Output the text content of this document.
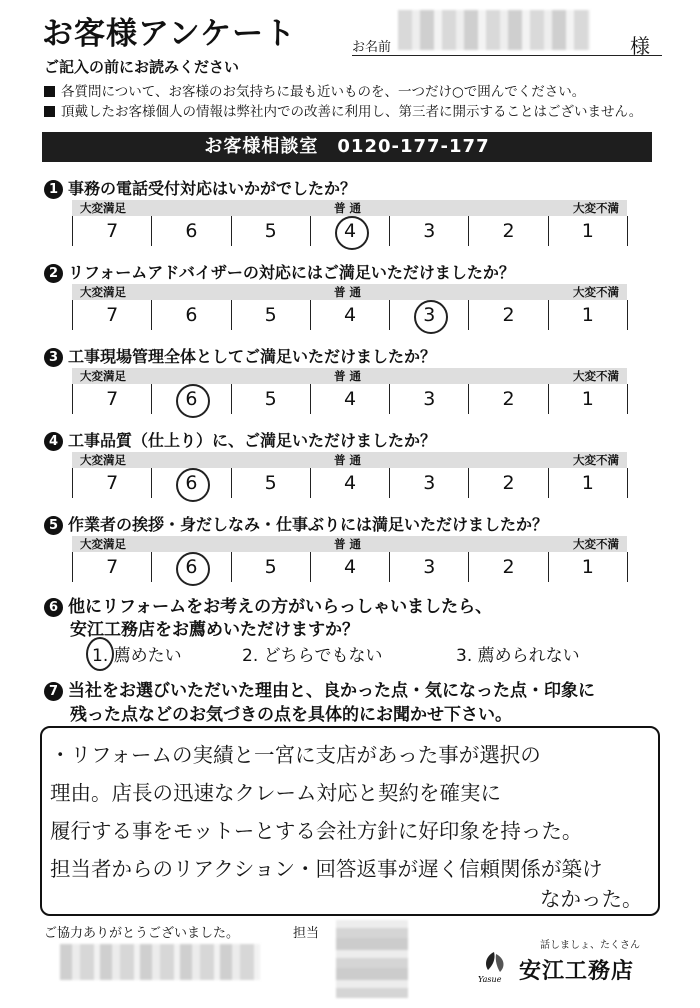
お客様アンケート	お名前	様
ご記入の前にお読みください
各質問について、お客様のお気持ちに最も近いものを、一つだけ○で囲んでください。
頂戴したお客様個人の情報は弊社内での改善に利用し、第三者に開示することはございません。
お客様相談室　0120-177-177
1 事務の電話受付対応はいかがでしたか？
大変満足	普 通	大変不満
7	6	5	4	3	2	1
2 リフォームアドバイザーの対応にはご満足いただけましたか？
大変満足	普 通	大変不満
7	6	5	4	3	2	1
3 工事現場管理全体としてご満足いただけましたか？
大変満足	普 通	大変不満
7	6	5	4	3	2	1
4 工事品質（仕上り）に、ご満足いただけましたか？
大変満足	普 通	大変不満
7	6	5	4	3	2	1
5 作業者の挨拶・身だしなみ・仕事ぶりには満足いただけましたか？
大変満足	普 通	大変不満
7	6	5	4	3	2	1
6 他にリフォームをお考えの方がいらっしゃいましたら、
安江工務店をお薦めいただけますか？
1. 薦めたい	2. どちらでもない	3. 薦められない
7 当社をお選びいただいた理由と、良かった点・気になった点・印象に
残った点などのお気づきの点を具体的にお聞かせ下さい。
・リフォームの実績と一宮に支店があった事が選択の
理由。店長の迅速なクレーム対応と契約を確実に
履行する事をモットーとする会社方針に好印象を持った。
担当者からのリアクション・回答返事が遅く信頼関係が築け
なかった。
ご協力ありがとうございました。	担当
Yasue
話しましょ、たくさん
安江工務店
